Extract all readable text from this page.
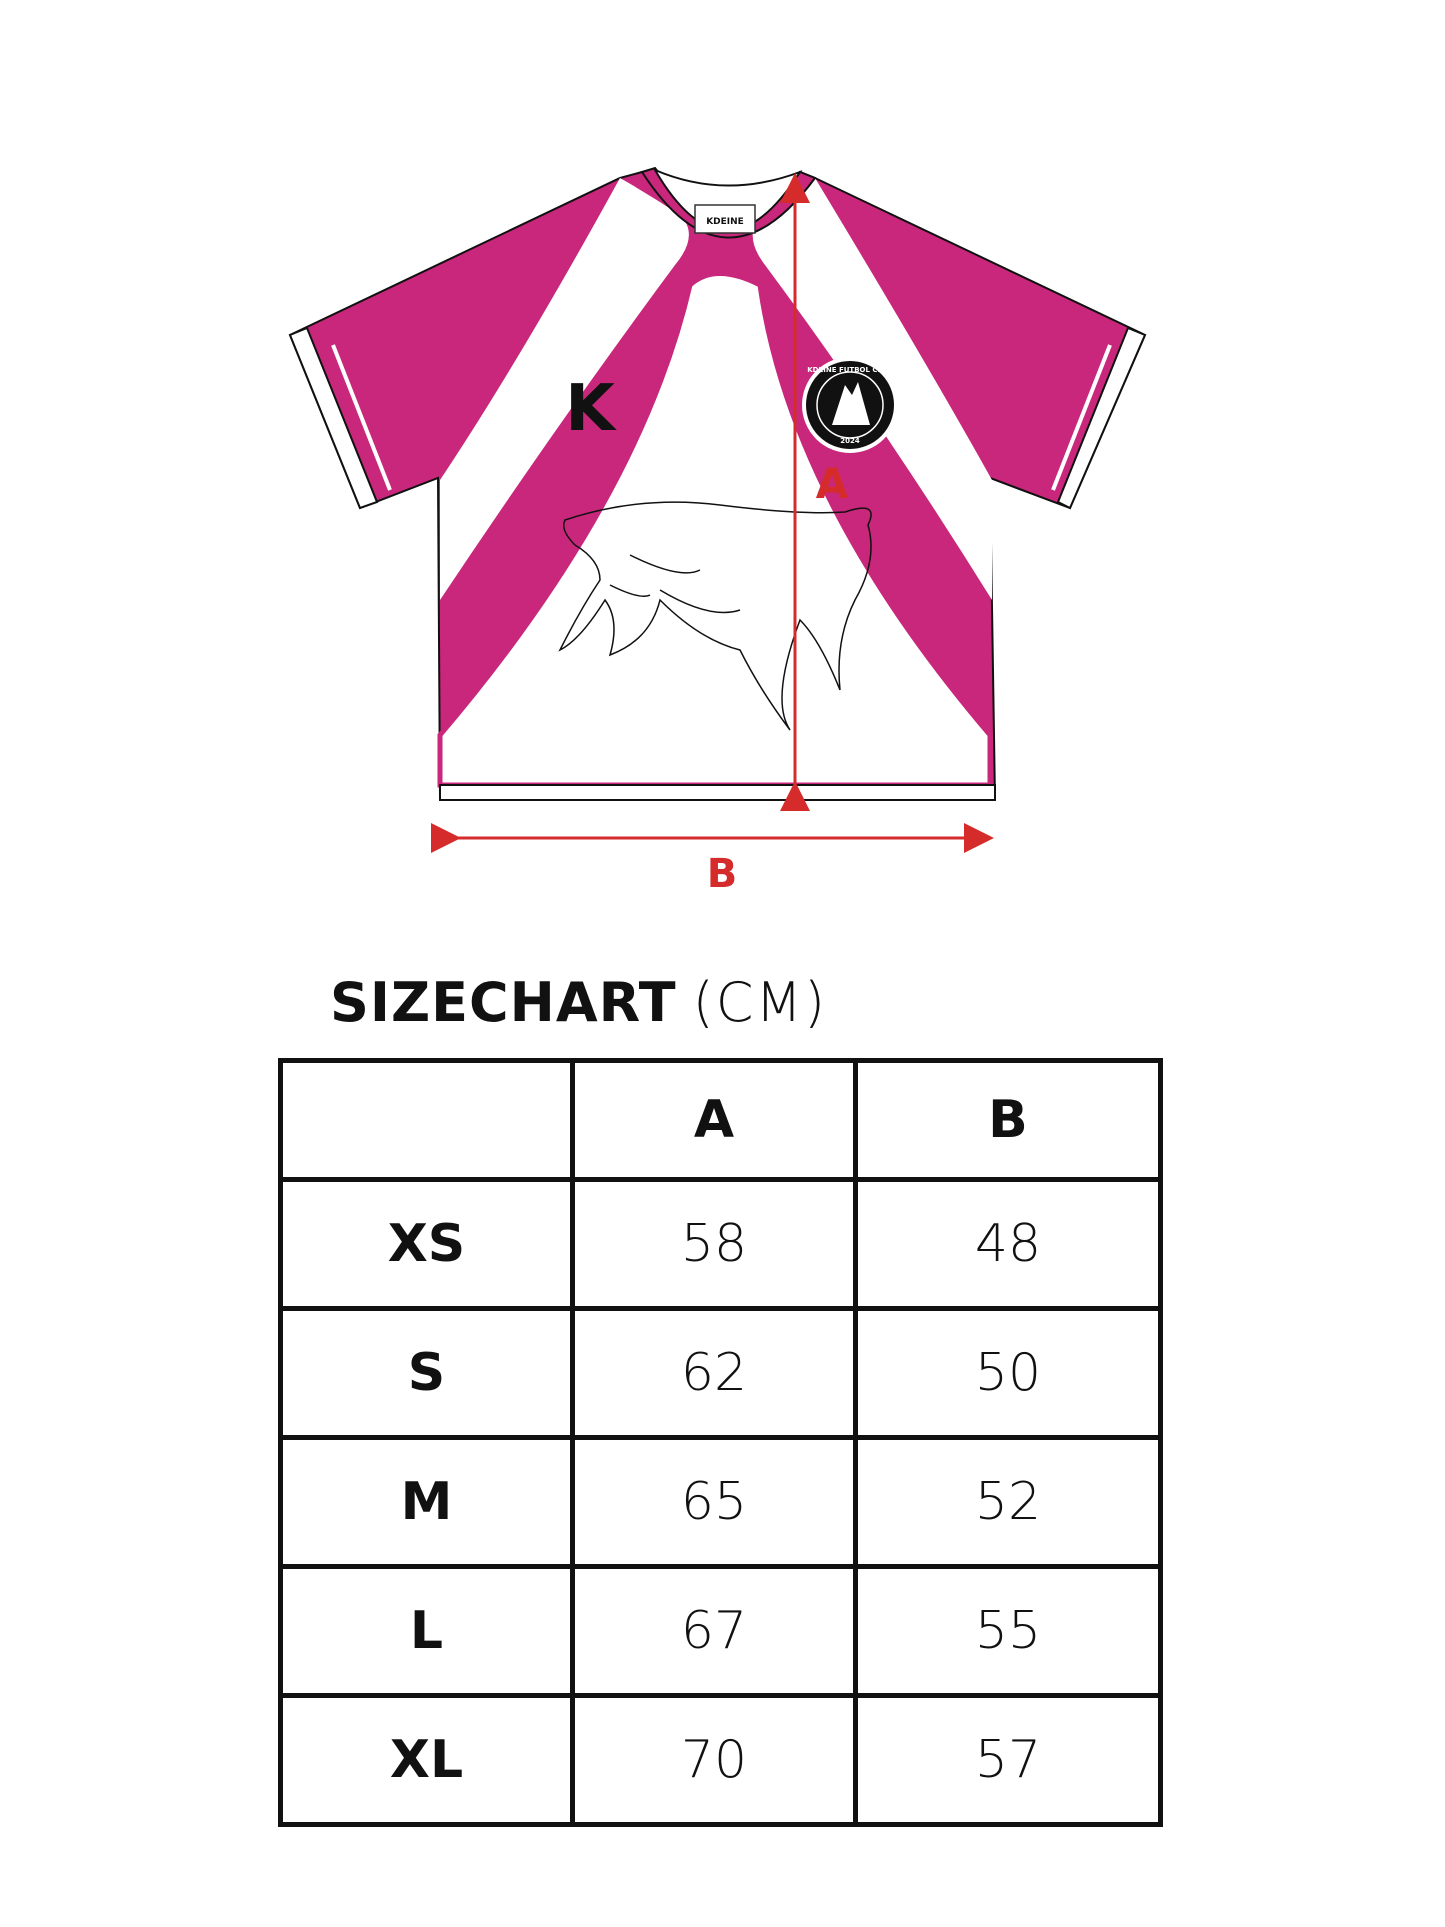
KDEINE
K
KDEINE FUTBOL CLUB
2024
A
B
SIZECHART (CM)
	A	B
XS	58	48
S	62	50
M	65	52
L	67	55
XL	70	57
